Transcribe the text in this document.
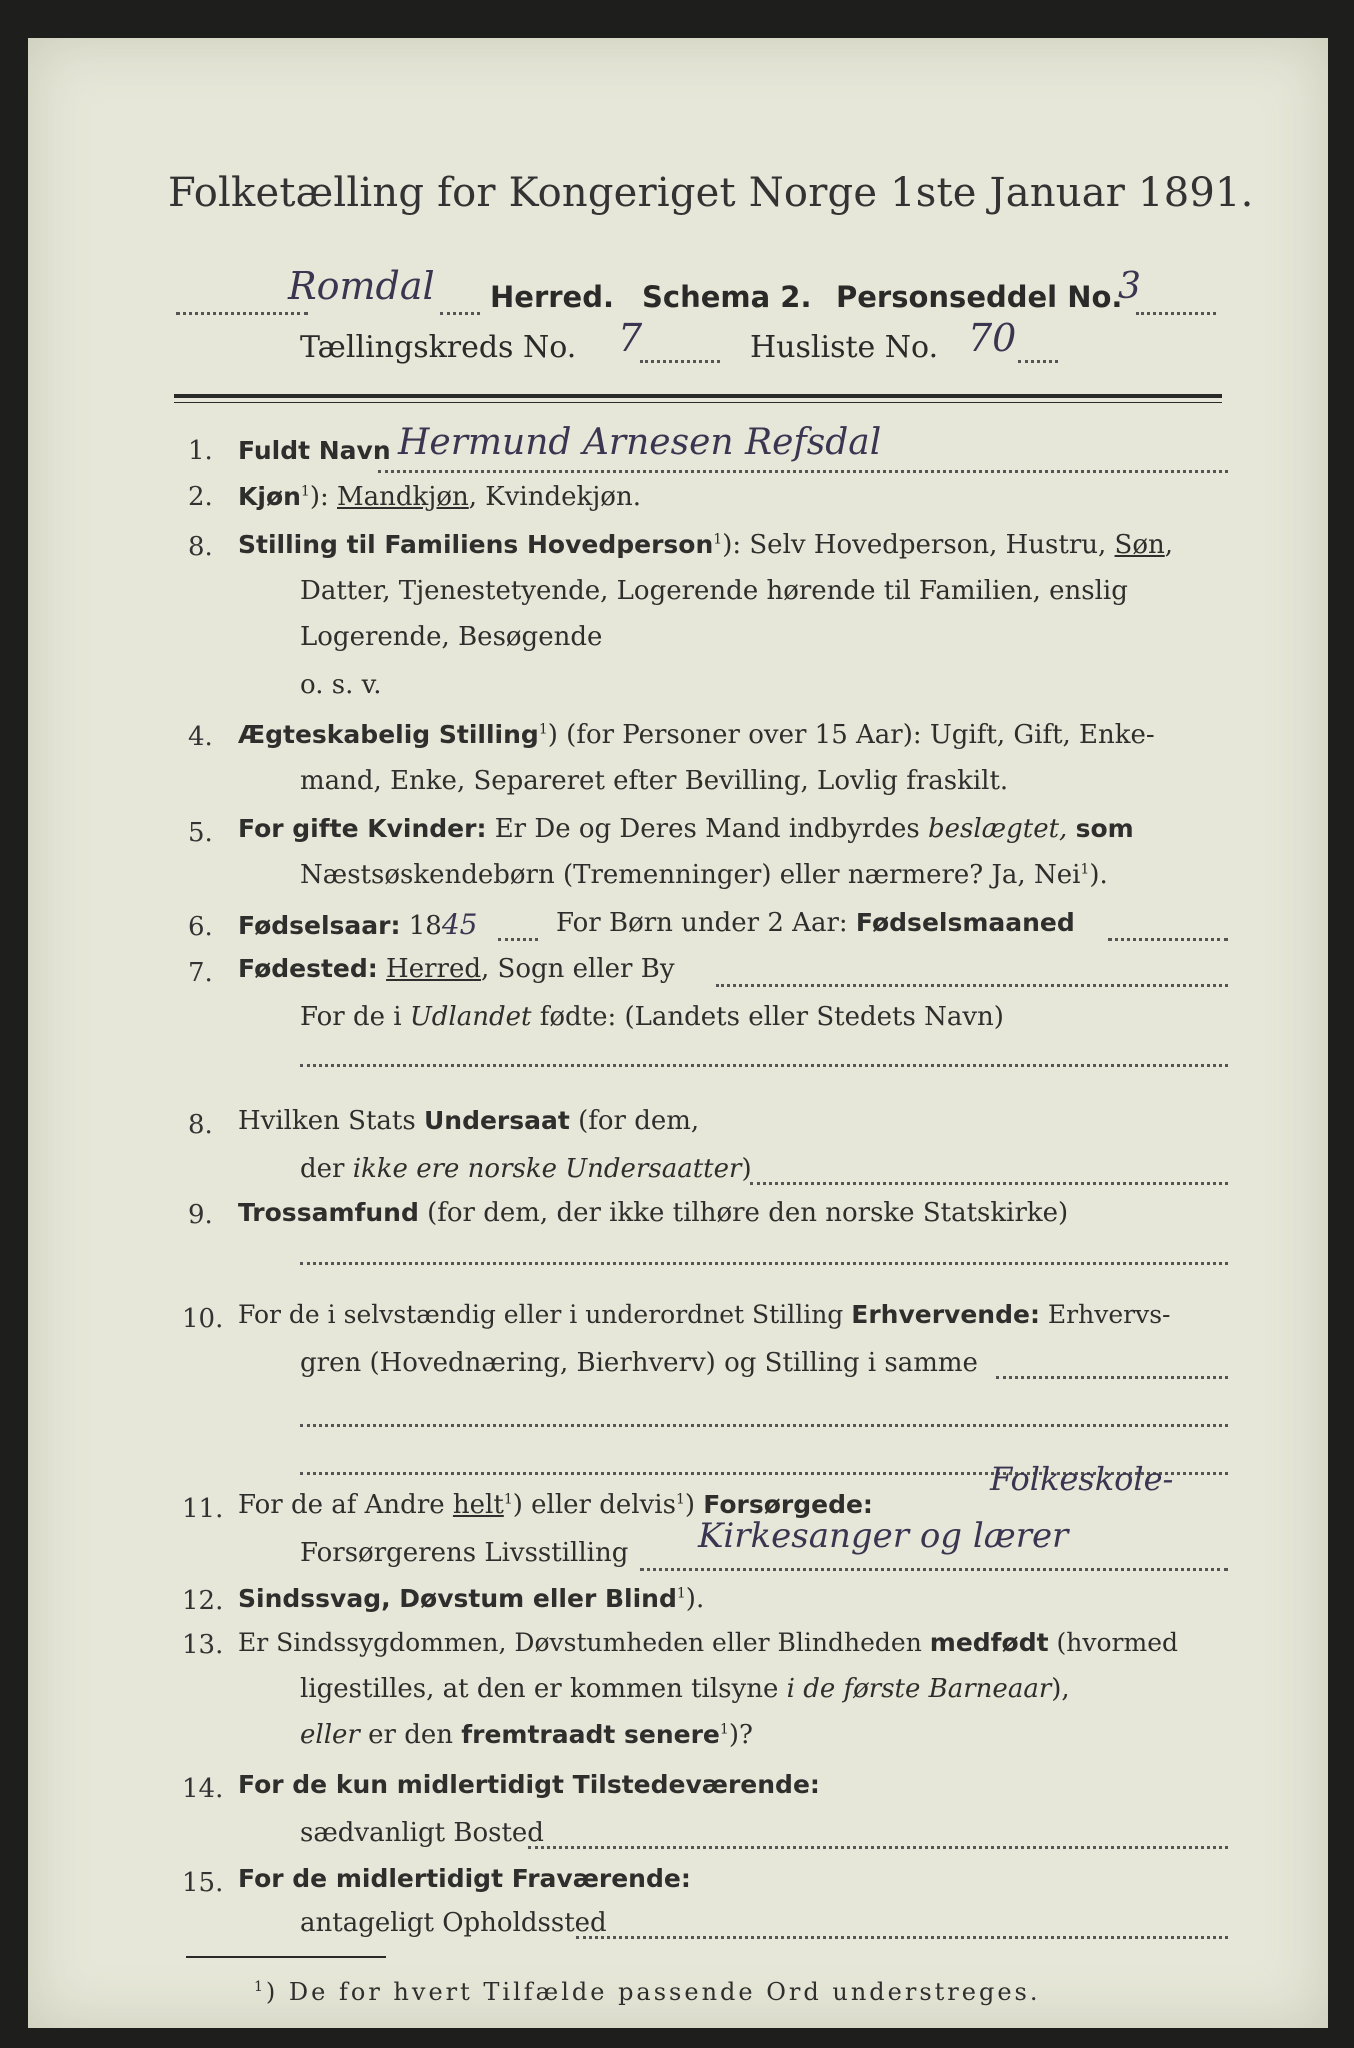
Folketælling for Kongeriget Norge 1ste Januar 1891.
Romdal Herred. Schema 2. Personseddel No.
3
Tællingskreds No. 7	Husliste No. 70
1. Fuldt Navn Hermund Arnesen Refsdal
2. Kjøn$^1$): Mandkjøn, Kvindekjøn.
8. Stilling til Familiens Hovedperson$^1$): Selv Hovedperson, Hustru, Søn,
Datter, Tjenestetyende, Logerende hørende til Familien, enslig
Logerende, Besøgende
o. s. v.
4. Ægteskabelig Stilling$^1$) (for Personer over 15 Aar): Ugift, Gift, Enke-
mand, Enke, Separeret efter Bevilling, Lovlig fraskilt.
5. For gifte Kvinder: Er De og Deres Mand indbyrdes beslægtet, som
Næstsøskendebørn (Tremenninger) eller nærmere? Ja, Nei$^1$).
6. Fødselsaar: 1845	For Børn under 2 Aar: Fødselsmaaned
7. Fødested: Herred, Sogn eller By
For de i Udlandet fødte: (Landets eller Stedets Navn)
8. Hvilken Stats Undersaat (for dem,
der ikke ere norske Undersaatter)
9. Trossamfund (for dem, der ikke tilhøre den norske Statskirke)
10. For de i selvstændig eller i underordnet Stilling Erhvervende: Erhvervs-
gren (Hovednæring, Bierhverv) og Stilling i samme
11. For de af Andre helt$^1$) eller delvis$^1$) Forsørgede:
Folkeskole-
Forsørgerens Livsstilling Kirkesanger og lærer
12. Sindssvag, Døvstum eller Blind$^1$).
13. Er Sindssygdommen, Døvstumheden eller Blindheden medfødt (hvormed
ligestilles, at den er kommen tilsyne i de første Barneaar),
eller er den fremtraadt senere$^1$)?
14. For de kun midlertidigt Tilstedeværende:
sædvanligt Bosted
15. For de midlertidigt Fraværende:
antageligt Opholdssted
$^1$) De for hvert Tilfælde passende Ord understreges.
